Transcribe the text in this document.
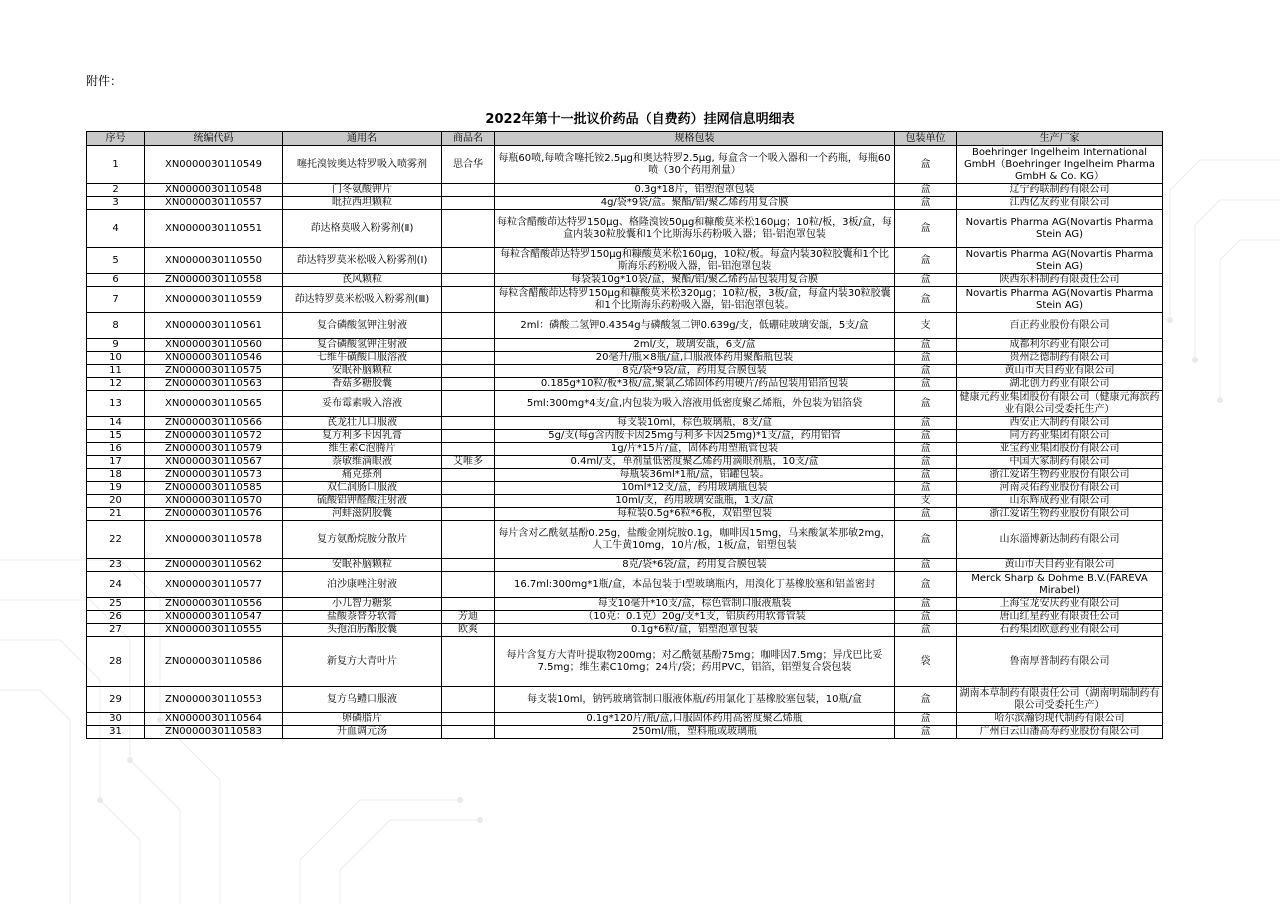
附件：
2022年第十一批议价药品（自费药）挂网信息明细表
序号	统编代码	通用名	商品名	规格包装	包装单位	生产厂家
1	XN0000030110549	噻托溴铵奥达特罗吸入喷雾剂	思合华	每瓶60喷,每喷含噻托铵2.5μg和奥达特罗2.5μg, 每盒含一个吸入器和一个药瓶，每瓶60喷（30个药用剂量）	盒	Boehringer Ingelheim International GmbH（Boehringer Ingelheim Pharma GmbH & Co. KG）
2	XN0000030110548	门冬氨酸钾片		0.3g*18片，铝塑泡罩包装	盒	辽宁药联制药有限公司
3	XN0000030110557	吡拉西坦颗粒		4g/袋*9袋/盒。聚酯/铝/聚乙烯药用复合膜	盒	江西亿友药业有限公司
4	XN0000030110551	茚达格莫吸入粉雾剂(Ⅱ)		每粒含醋酸茚达特罗150μg、格隆溴铵50μg和糠酸莫米松160μg；10粒/板，3板/盒，每盒内装30粒胶囊和1个比斯海乐药粉吸入器；铝-铝泡罩包装	盒	Novartis Pharma AG(Novartis Pharma Stein AG)
5	XN0000030110550	茚达特罗莫米松吸入粉雾剂(Ⅰ)		每粒含醋酸茚达特罗150μg和糠酸莫米松160μg，10粒/板。每盒内装30粒胶囊和1个比斯海乐药粉吸入器，铝-铝泡罩包装	盒	Novartis Pharma AG(Novartis Pharma Stein AG)
6	ZN0000030110558	芪风颗粒		每袋装10g*10袋/盒，聚酯/铝/聚乙烯药品包装用复合膜	盒	陕西东科制药有限责任公司
7	XN0000030110559	茚达特罗莫米松吸入粉雾剂(Ⅲ)		每粒含醋酸茚达特罗150μg和糠酸莫米松320μg；10粒/板，3板/盒，每盒内装30粒胶囊和1个比斯海乐药粉吸入器，铝-铝泡罩包装。	盒	Novartis Pharma AG(Novartis Pharma Stein AG)
8	XN0000030110561	复合磷酸氢钾注射液		2ml：磷酸二氢钾0.4354g与磷酸氢二钾0.639g/支，低硼硅玻璃安瓿，5支/盒	支	百正药业股份有限公司
9	XN0000030110560	复合磷酸氢钾注射液		2ml/支，玻璃安瓿，6支/盒	盒	成都利尔药业有限公司
10	XN0000030110546	七维牛磺酸口服溶液		20毫升/瓶×8瓶/盒,口服液体药用聚酯瓶包装	盒	贵州泛德制药有限公司
11	ZN0000030110575	安眠补脑颗粒		8克/袋*9袋/盒，药用复合膜包装	盒	黄山市天目药业有限公司
12	ZN0000030110563	香菇多糖胶囊		0.185g*10粒/板*3板/盒,聚氯乙烯固体药用硬片/药品包装用铝箔包装	盒	湖北创力药业有限公司
13	XN0000030110565	妥布霉素吸入溶液		5ml:300mg*4支/盒,内包装为吸入溶液用低密度聚乙烯瓶，外包装为铝箔袋	盒	健康元药业集团股份有限公司（健康元海滨药业有限公司受委托生产）
14	ZN0000030110566	芪龙壮儿口服液		每支装10ml，棕色玻璃瓶，8支/盒	盒	西安正大制药有限公司
15	ZN0000030110572	复方利多卡因乳膏		5g/支(每g含丙胺卡因25mg与利多卡因25mg)*1支/盒，药用铝管	盒	同方药业集团有限公司
16	ZN0000030110579	维生素C泡腾片		1g/片*15片/盒，固体药用塑瓶管包装	盒	亚宝药业集团股份有限公司
17	XN0000030110567	萘敏维滴眼液	艾唯多	0.4ml/支，单剂量低密度聚乙烯药用滴眼剂瓶，10支/盒	盒	中国大冢制药有限公司
18	ZN0000030110573	痛克搽剂		每瓶装36ml*1瓶/盒，铝罐包装。	盒	浙江爱诺生物药业股份有限公司
19	ZN0000030110585	双仁润肠口服液		10ml*12支/盒，药用玻璃瓶包装	盒	河南灵佑药业股份有限公司
20	XN0000030110570	硫酸铝钾醛酸注射液		10ml/支，药用玻璃安瓿瓶，1支/盒	支	山东辉成药业有限公司
21	ZN0000030110576	河蚌滋阴胶囊		每粒装0.5g*6粒*6板，双铝塑包装	盒	浙江爱诺生物药业股份有限公司
22	XN0000030110578	复方氨酚烷胺分散片		每片含对乙酰氨基酚0.25g，盐酸金刚烷胺0.1g，咖啡因15mg，马来酸氯苯那敏2mg，人工牛黄10mg，10片/板，1板/盒，铝塑包装	盒	山东淄博新达制药有限公司
23	ZN0000030110562	安眠补脑颗粒		8克/袋*6袋/盒，药用复合膜包装	盒	黄山市天目药业有限公司
24	XN0000030110577	泊沙康唑注射液		16.7ml:300mg*1瓶/盒，本品包装于I型玻璃瓶内，用溴化丁基橡胶塞和铝盖密封	盒	Merck Sharp & Dohme B.V.(FAREVA Mirabel)
25	ZN0000030110556	小儿智力糖浆		每支10毫升*10支/盒，棕色管制口服液瓶装	盒	上海宝龙安庆药业有限公司
26	XN0000030110547	盐酸萘替芬软膏	芳迪	（10克：0.1克）20g/支*1支，铝质药用软膏管装	盒	唐山红星药业有限责任公司
27	XN0000030110555	头孢泊肟酯胶囊	欧爽	0.1g*6粒/盒，铝塑泡罩包装	盒	石药集团欧意药业有限公司
28	ZN0000030110586	新复方大青叶片		每片含复方大青叶提取物200mg；对乙酰氨基酚75mg；咖啡因7.5mg；异戊巴比妥7.5mg；维生素C10mg；24片/袋；药用PVC，铝箔，铝塑复合袋包装	袋	鲁南厚普制药有限公司
29	ZN0000030110553	复方乌鳢口服液		每支装10ml，钠钙玻璃管制口服液体瓶/药用氯化丁基橡胶塞包装，10瓶/盒	盒	湖南本草制药有限责任公司（湖南明瑞制药有限公司受委托生产）
30	XN0000030110564	卵磷脂片		0.1g*120片/瓶/盒,口服固体药用高密度聚乙烯瓶	盒	哈尔滨瀚钧现代制药有限公司
31	ZN0000030110583	升血调元汤		250ml/瓶，塑料瓶或玻璃瓶	盒	广州白云山潘高寿药业股份有限公司
